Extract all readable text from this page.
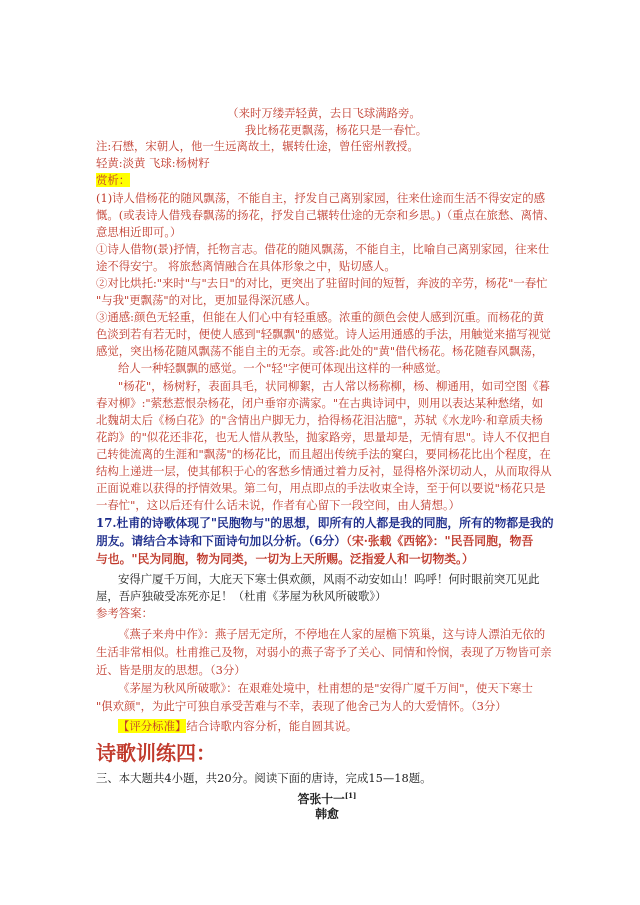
（来时万缕弄轻黄，去日飞球满路旁。
我比杨花更飘荡，杨花只是一春忙。
注:石懋，宋朝人，他一生远离故土，辗转仕途，曾任密州教授。
轻黄:淡黄 飞球:杨树籽
赏析：
(1)诗人借杨花的随风飘荡，不能自主，抒发自己离别家园，往来仕途而生活不得安定的感
慨。(或表诗人借残春飘荡的扬花，抒发自己辗转仕途的无奈和乡思。)（重点在旅愁、离情、
意思相近即可。）
①诗人借物(景)抒情，托物言志。借花的随风飘荡，不能自主，比喻自己离别家园，往来仕
途不得安宁。 将旅愁离情融合在具体形象之中，贴切感人。
②对比烘托:"来时"与"去日"的对比，更突出了驻留时间的短暂，奔波的辛劳，杨花"一春忙
"与我"更飘荡"的对比，更加显得深沉感人。
③通感:颜色无轻重，但能在人们心中有轻重感。浓重的颜色会使人感到沉重。而杨花的黄
色淡到若有若无时，便使人感到"轻飘飘"的感觉。诗人运用通感的手法，用触觉来描写视觉
感觉，突出杨花随风飘荡不能自主的无奈。或答:此处的"黄"借代杨花。杨花随春风飘荡，
给人一种轻飘飘的感觉。一个"轻"字便可体现出这样的一种感觉。
"杨花"，杨树籽，表面具毛，状同柳絮，古人常以杨称柳，杨、柳通用，如司空图《暮
春对柳》:"萦愁惹恨杂杨花，闭户垂帘亦满家。"在古典诗词中，则用以表达某种愁绪，如
北魏胡太后《杨白花》的"含情出户脚无力，拾得杨花泪沾臆"，苏轼《水龙吟·和章质夫杨
花韵》的"似花还非花，也无人惜从教坠，抛家路旁，思量却是，无情有思"。诗人不仅把自
己转徙流离的生涯和"飘荡"的杨花比，而且超出传统手法的窠臼，要同杨花比出个程度，在
结构上递进一层，使其郁积于心的客愁乡情通过着力反衬，显得格外深切动人，从而取得从
正面说难以获得的抒情效果。第二句，用点即点的手法收束全诗，至于何以要说"杨花只是
一春忙"，这以后还有什么话未说，作者有心留下一段空间，由人猜想。）
17.杜甫的诗歌体现了"民胞物与"的思想，即所有的人都是我的同胞，所有的物都是我的
朋友。请结合本诗和下面诗句加以分析。（6分）（宋·张载《西铭》："民吾同胞，物吾
与也。"民为同胞，物为同类，一切为上天所赐。泛指爱人和一切物类。）
安得广厦千万间，大庇天下寒士俱欢颜，风雨不动安如山！呜呼！何时眼前突兀见此
屋，吾庐独破受冻死亦足！（杜甫《茅屋为秋风所破歌》）
参考答案：
《燕子来舟中作》：燕子居无定所，不停地在人家的屋檐下筑巢，这与诗人漂泊无依的
生活非常相似。杜甫推己及物，对弱小的燕子寄予了关心、同情和怜悯，表现了万物皆可亲
近、皆是朋友的思想。（3分）
《茅屋为秋风所破歌》：在艰难处境中，杜甫想的是"安得广厦千万间"，使天下寒士
"俱欢颜"，为此宁可独自承受苦难与不幸，表现了他舍己为人的大爱情怀。（3分）
【评分标准】结合诗歌内容分析，能自圆其说。
诗歌训练四：
三、本大题共4小题，共20分。阅读下面的唐诗，完成15—18题。
答张十一[1]
韩愈
